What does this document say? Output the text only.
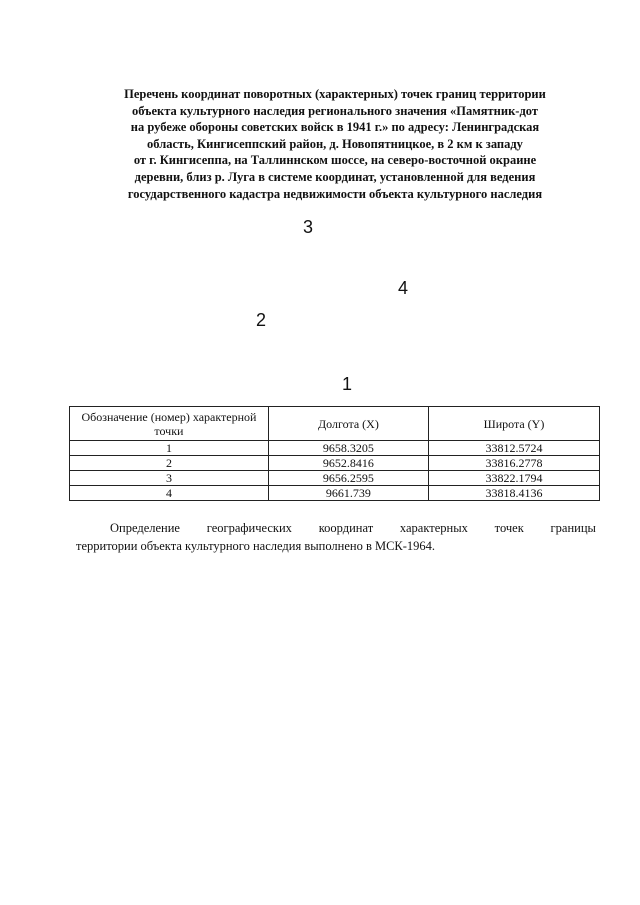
Перечень координат поворотных (характерных) точек границ территории
объекта культурного наследия регионального значения «Памятник-дот
на рубеже обороны советских войск в 1941 г.» по адресу: Ленинградская
область, Кингисеппский район, д. Новопятницкое, в 2 км к западу
от г. Кингисеппа, на Таллиннском шоссе, на северо-восточной окраине
деревни, близ р. Луга в системе координат, установленной для ведения
государственного кадастра недвижимости объекта культурного наследия
3
4
2
1
Обозначение (номер) характерной точки	Долгота (X)	Широта (Y)
1	9658.3205	33812.5724
2	9652.8416	33816.2778
3	9656.2595	33822.1794
4	9661.739	33818.4136
Определение географических координат характерных точек границы
территории объекта культурного наследия выполнено в МСК-1964.
